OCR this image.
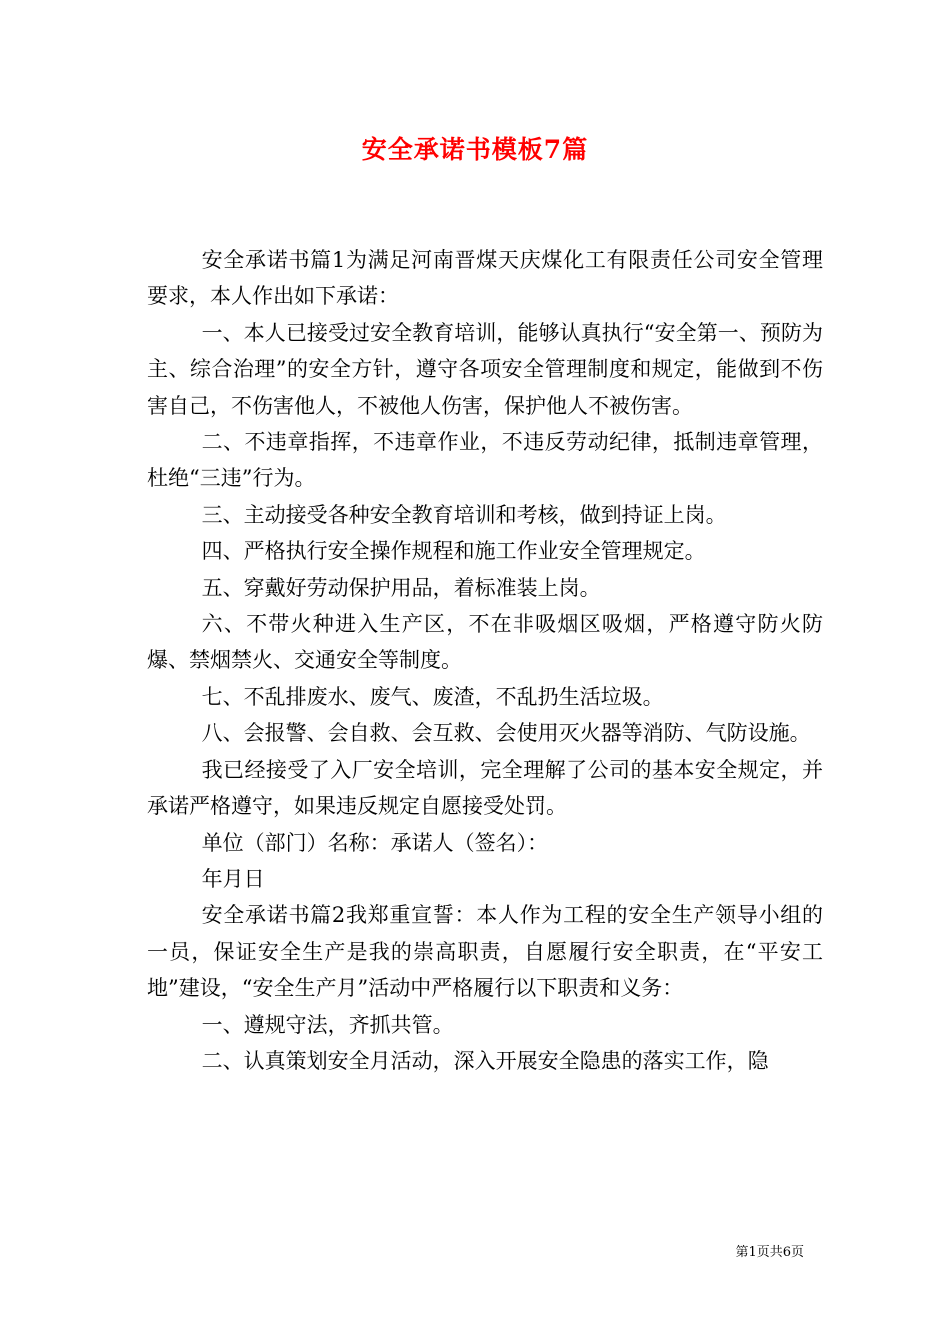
安全承诺书模板7篇

安全承诺书篇1为满足河南晋煤天庆煤化工有限责任公司安全管理要求，本人作出如下承诺：

一、本人已接受过安全教育培训，能够认真执行“安全第一、预防为主、综合治理”的安全方针，遵守各项安全管理制度和规定，能做到不伤害自己，不伤害他人，不被他人伤害，保护他人不被伤害。

二、不违章指挥，不违章作业，不违反劳动纪律，抵制违章管理，杜绝“三违”行为。

三、主动接受各种安全教育培训和考核，做到持证上岗。

四、严格执行安全操作规程和施工作业安全管理规定。

五、穿戴好劳动保护用品，着标准装上岗。

六、不带火种进入生产区，不在非吸烟区吸烟，严格遵守防火防爆、禁烟禁火、交通安全等制度。

七、不乱排废水、废气、废渣，不乱扔生活垃圾。

八、会报警、会自救、会互救、会使用灭火器等消防、气防设施。

我已经接受了入厂安全培训，完全理解了公司的基本安全规定，并承诺严格遵守，如果违反规定自愿接受处罚。

单位（部门）名称：承诺人（签名）：

年月日

安全承诺书篇2我郑重宣誓：本人作为工程的安全生产领导小组的一员，保证安全生产是我的崇高职责，自愿履行安全职责，在“平安工地”建设，“安全生产月”活动中严格履行以下职责和义务：

一、遵规守法，齐抓共管。

二、认真策划安全月活动，深入开展安全隐患的落实工作，隐

第1页共6页
